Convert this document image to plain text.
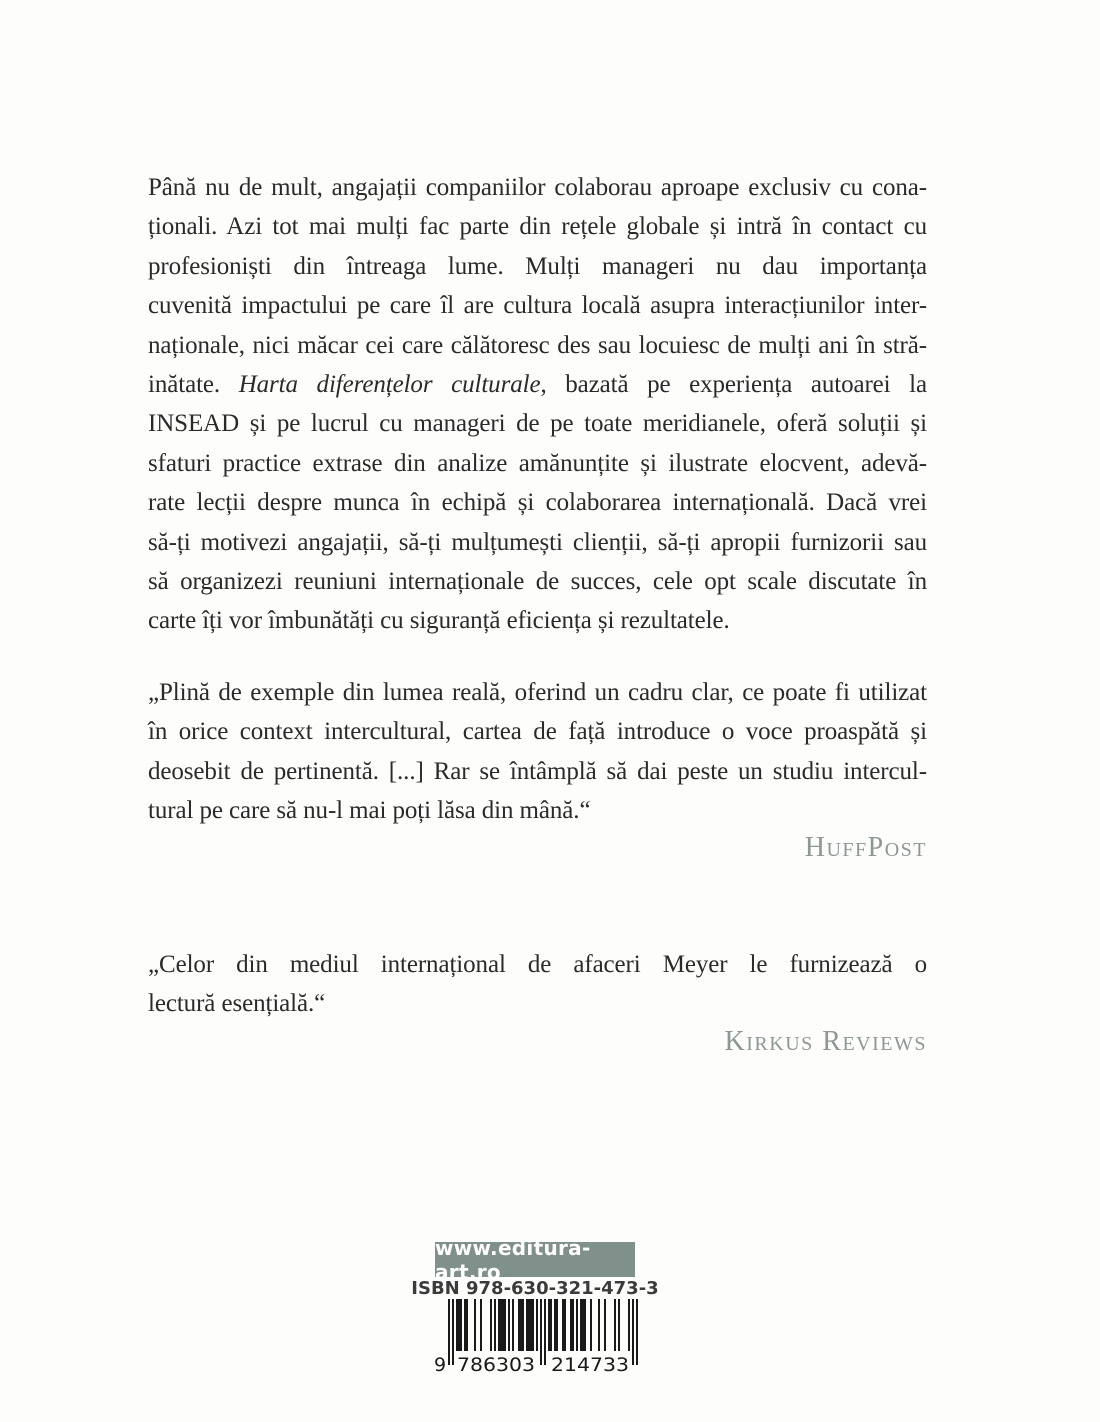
Până nu de mult, angajații companiilor colaborau aproape exclusiv cu cona-
ționali. Azi tot mai mulți fac parte din rețele globale și intră în contact cu
profesioniști din întreaga lume. Mulți manageri nu dau importanța
cuvenită impactului pe care îl are cultura locală asupra interacțiunilor inter-
naționale, nici măcar cei care călătoresc des sau locuiesc de mulți ani în stră-
inătate. Harta diferențelor culturale, bazată pe experiența autoarei la
INSEAD și pe lucrul cu manageri de pe toate meridianele, oferă soluții și
sfaturi practice extrase din analize amănunțite și ilustrate elocvent, adevă-
rate lecții despre munca în echipă și colaborarea internațională. Dacă vrei
să-ți motivezi angajații, să-ți mulțumești clienții, să-ți apropii furnizorii sau
să organizezi reuniuni internaționale de succes, cele opt scale discutate în
carte îți vor îmbunătăți cu siguranță eficiența și rezultatele.
„Plină de exemple din lumea reală, oferind un cadru clar, ce poate fi utilizat
în orice context intercultural, cartea de față introduce o voce proaspătă și
deosebit de pertinentă. [...] Rar se întâmplă să dai peste un studiu intercul-
tural pe care să nu-l mai poți lăsa din mână.“
HuffPost
„Celor din mediul internațional de afaceri Meyer le furnizează o
lectură esențială.“
Kirkus Reviews
www.editura-art.ro
ISBN 978-630-321-473-3
9 786303 214733
